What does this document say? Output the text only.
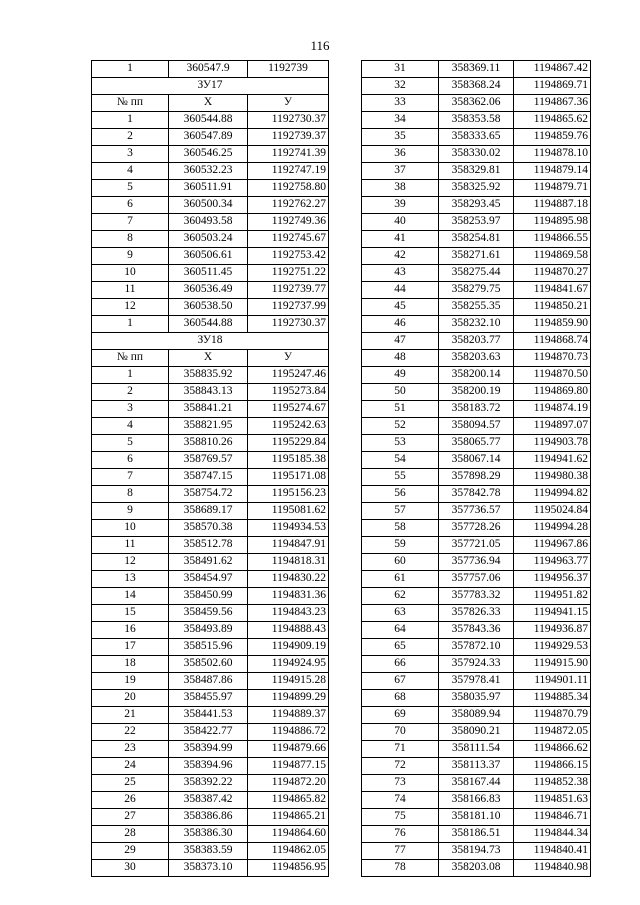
116
1	360547.9	1192739
ЗУ17		
№ пп	X	У
1	360544.88	1192730.37
2	360547.89	1192739.37
3	360546.25	1192741.39
4	360532.23	1192747.19
5	360511.91	1192758.80
6	360500.34	1192762.27
7	360493.58	1192749.36
8	360503.24	1192745.67
9	360506.61	1192753.42
10	360511.45	1192751.22
11	360536.49	1192739.77
12	360538.50	1192737.99
1	360544.88	1192730.37
ЗУ18		
№ пп	X	У
1	358835.92	1195247.46
2	358843.13	1195273.84
3	358841.21	1195274.67
4	358821.95	1195242.63
5	358810.26	1195229.84
6	358769.57	1195185.38
7	358747.15	1195171.08
8	358754.72	1195156.23
9	358689.17	1195081.62
10	358570.38	1194934.53
11	358512.78	1194847.91
12	358491.62	1194818.31
13	358454.97	1194830.22
14	358450.99	1194831.36
15	358459.56	1194843.23
16	358493.89	1194888.43
17	358515.96	1194909.19
18	358502.60	1194924.95
19	358487.86	1194915.28
20	358455.97	1194899.29
21	358441.53	1194889.37
22	358422.77	1194886.72
23	358394.99	1194879.66
24	358394.96	1194877.15
25	358392.22	1194872.20
26	358387.42	1194865.82
27	358386.86	1194865.21
28	358386.30	1194864.60
29	358383.59	1194862.05
30	358373.10	1194856.95
31	358369.11	1194867.42
32	358368.24	1194869.71
33	358362.06	1194867.36
34	358353.58	1194865.62
35	358333.65	1194859.76
36	358330.02	1194878.10
37	358329.81	1194879.14
38	358325.92	1194879.71
39	358293.45	1194887.18
40	358253.97	1194895.98
41	358254.81	1194866.55
42	358271.61	1194869.58
43	358275.44	1194870.27
44	358279.75	1194841.67
45	358255.35	1194850.21
46	358232.10	1194859.90
47	358203.77	1194868.74
48	358203.63	1194870.73
49	358200.14	1194870.50
50	358200.19	1194869.80
51	358183.72	1194874.19
52	358094.57	1194897.07
53	358065.77	1194903.78
54	358067.14	1194941.62
55	357898.29	1194980.38
56	357842.78	1194994.82
57	357736.57	1195024.84
58	357728.26	1194994.28
59	357721.05	1194967.86
60	357736.94	1194963.77
61	357757.06	1194956.37
62	357783.32	1194951.82
63	357826.33	1194941.15
64	357843.36	1194936.87
65	357872.10	1194929.53
66	357924.33	1194915.90
67	357978.41	1194901.11
68	358035.97	1194885.34
69	358089.94	1194870.79
70	358090.21	1194872.05
71	358111.54	1194866.62
72	358113.37	1194866.15
73	358167.44	1194852.38
74	358166.83	1194851.63
75	358181.10	1194846.71
76	358186.51	1194844.34
77	358194.73	1194840.41
78	358203.08	1194840.98
